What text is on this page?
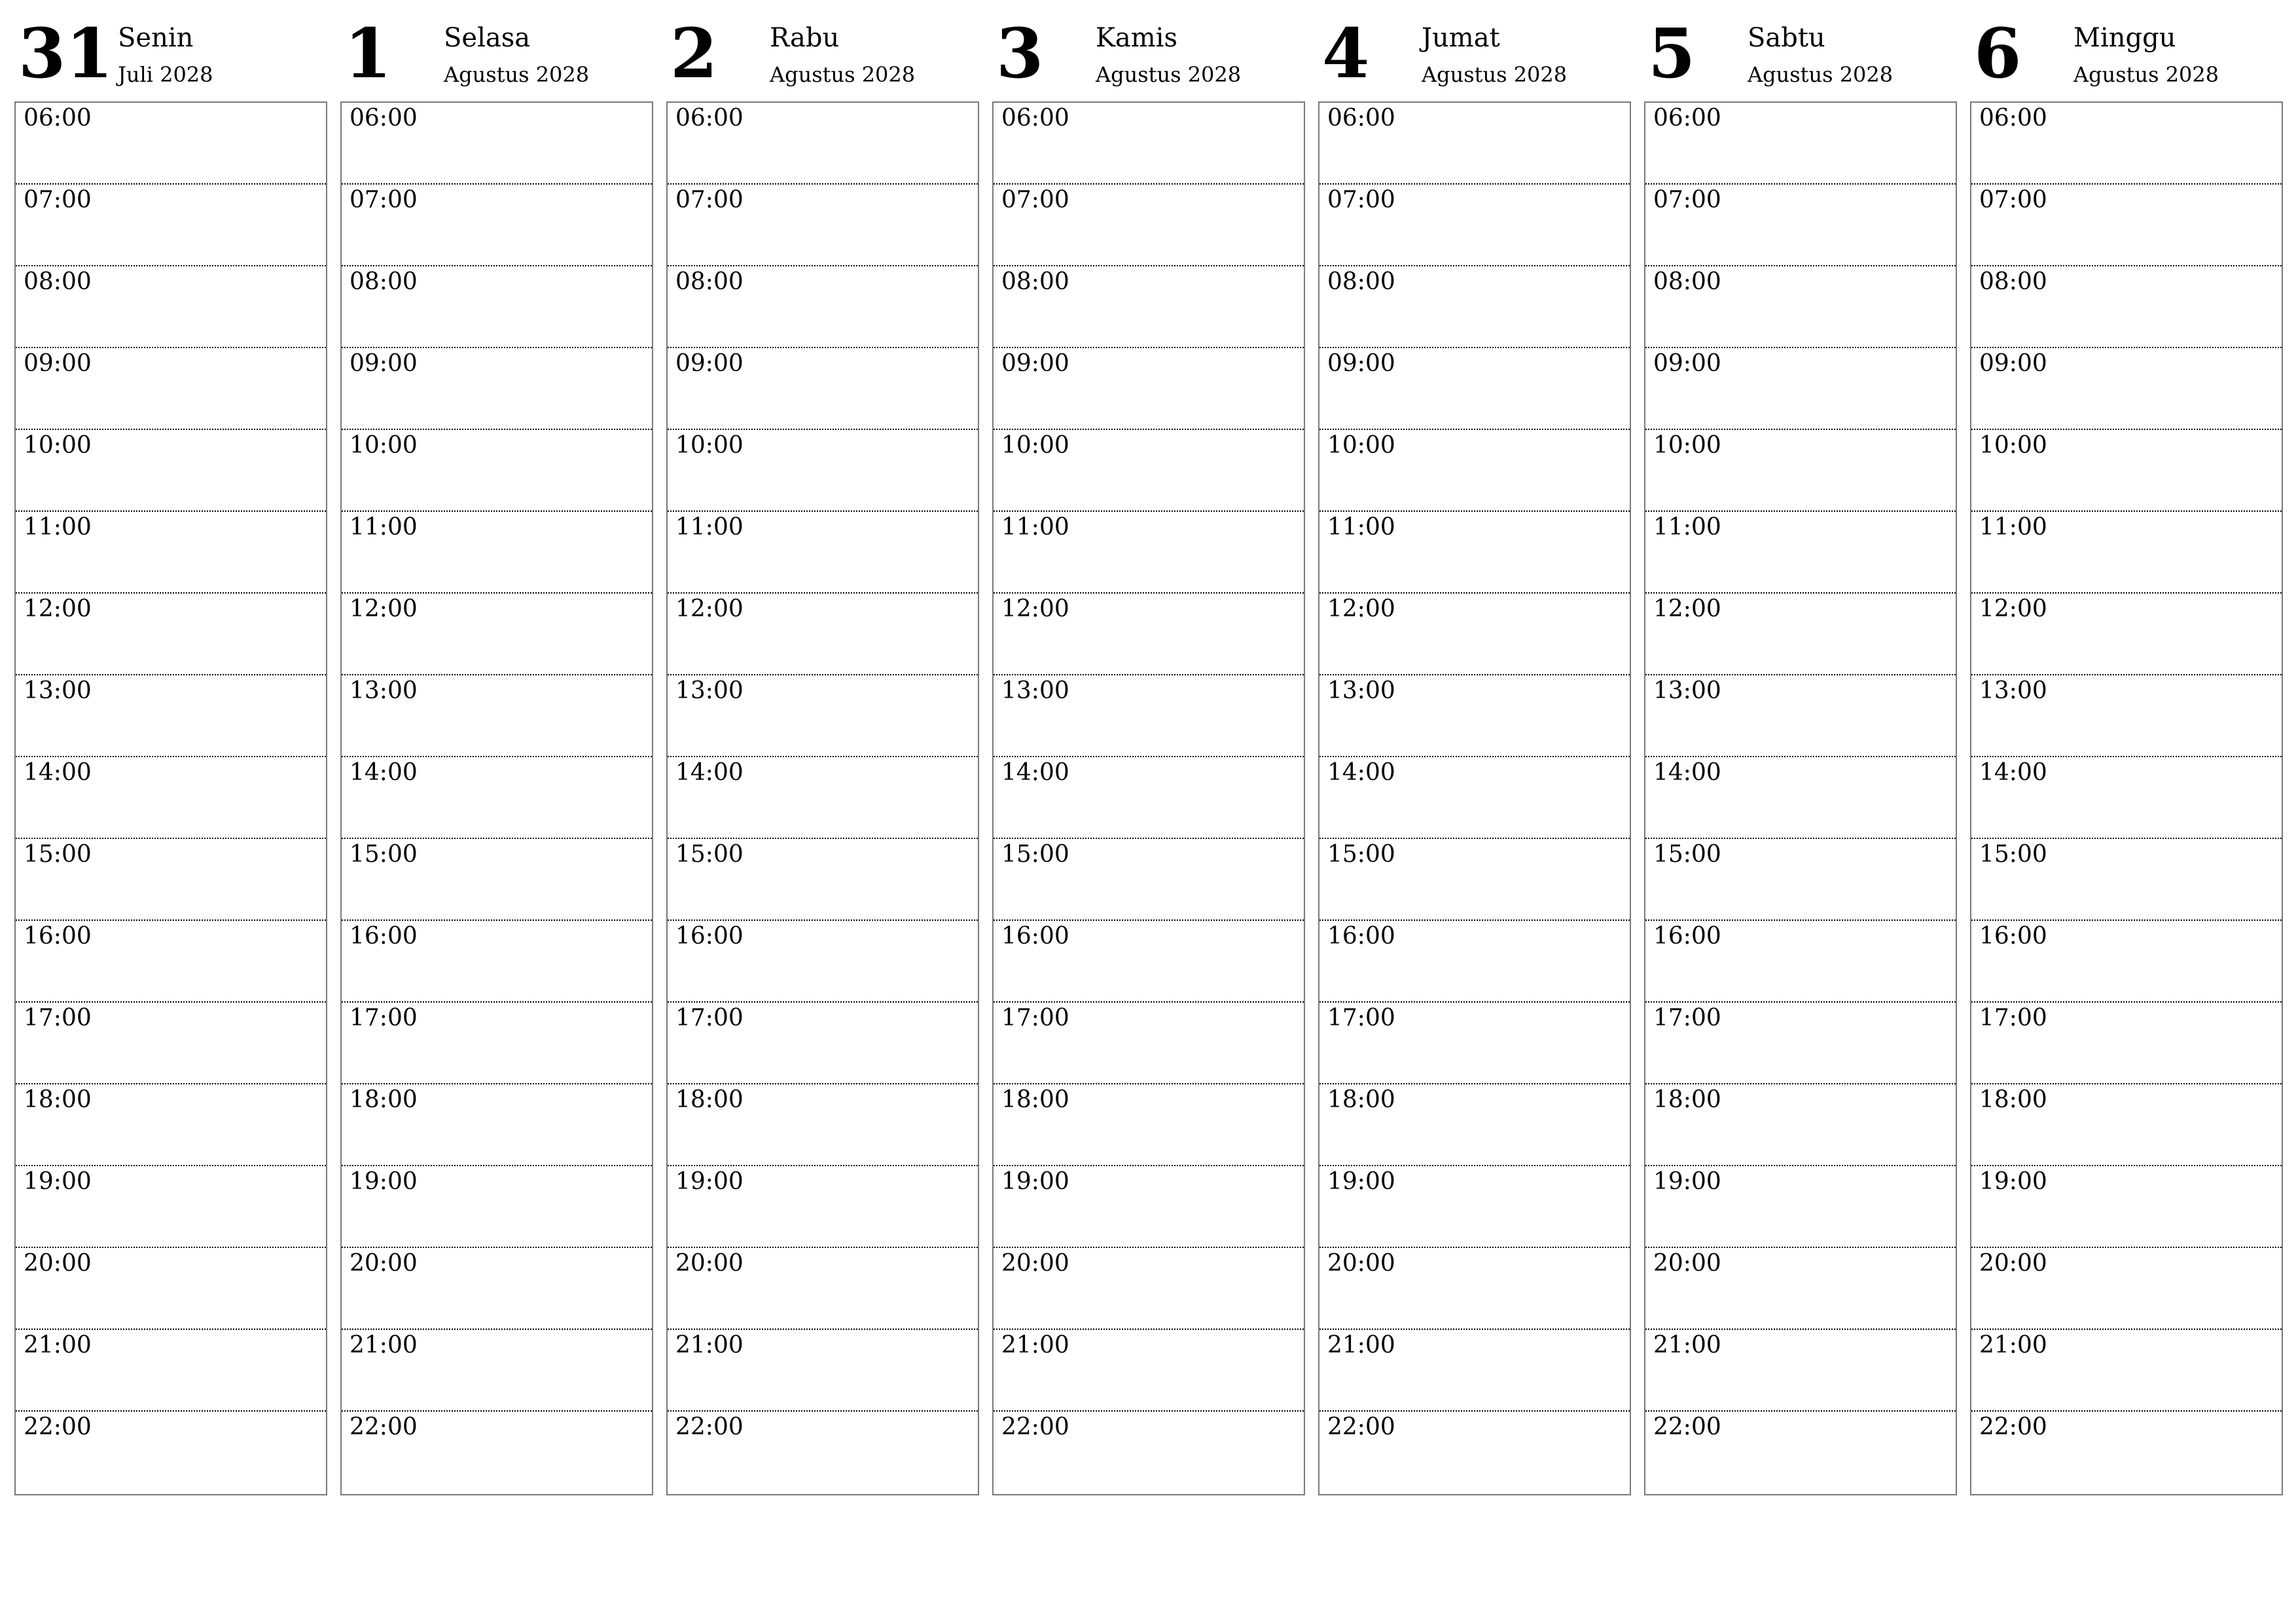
31 Senin
Juli 2028
06:00
07:00
08:00
09:00
10:00
11:00
12:00
13:00
14:00
15:00
16:00
17:00
18:00
19:00
20:00
21:00
22:00
1 Selasa
Agustus 2028
06:00
07:00
08:00
09:00
10:00
11:00
12:00
13:00
14:00
15:00
16:00
17:00
18:00
19:00
20:00
21:00
22:00
2 Rabu
Agustus 2028
06:00
07:00
08:00
09:00
10:00
11:00
12:00
13:00
14:00
15:00
16:00
17:00
18:00
19:00
20:00
21:00
22:00
3 Kamis
Agustus 2028
06:00
07:00
08:00
09:00
10:00
11:00
12:00
13:00
14:00
15:00
16:00
17:00
18:00
19:00
20:00
21:00
22:00
4 Jumat
Agustus 2028
06:00
07:00
08:00
09:00
10:00
11:00
12:00
13:00
14:00
15:00
16:00
17:00
18:00
19:00
20:00
21:00
22:00
5 Sabtu
Agustus 2028
06:00
07:00
08:00
09:00
10:00
11:00
12:00
13:00
14:00
15:00
16:00
17:00
18:00
19:00
20:00
21:00
22:00
6 Minggu
Agustus 2028
06:00
07:00
08:00
09:00
10:00
11:00
12:00
13:00
14:00
15:00
16:00
17:00
18:00
19:00
20:00
21:00
22:00
